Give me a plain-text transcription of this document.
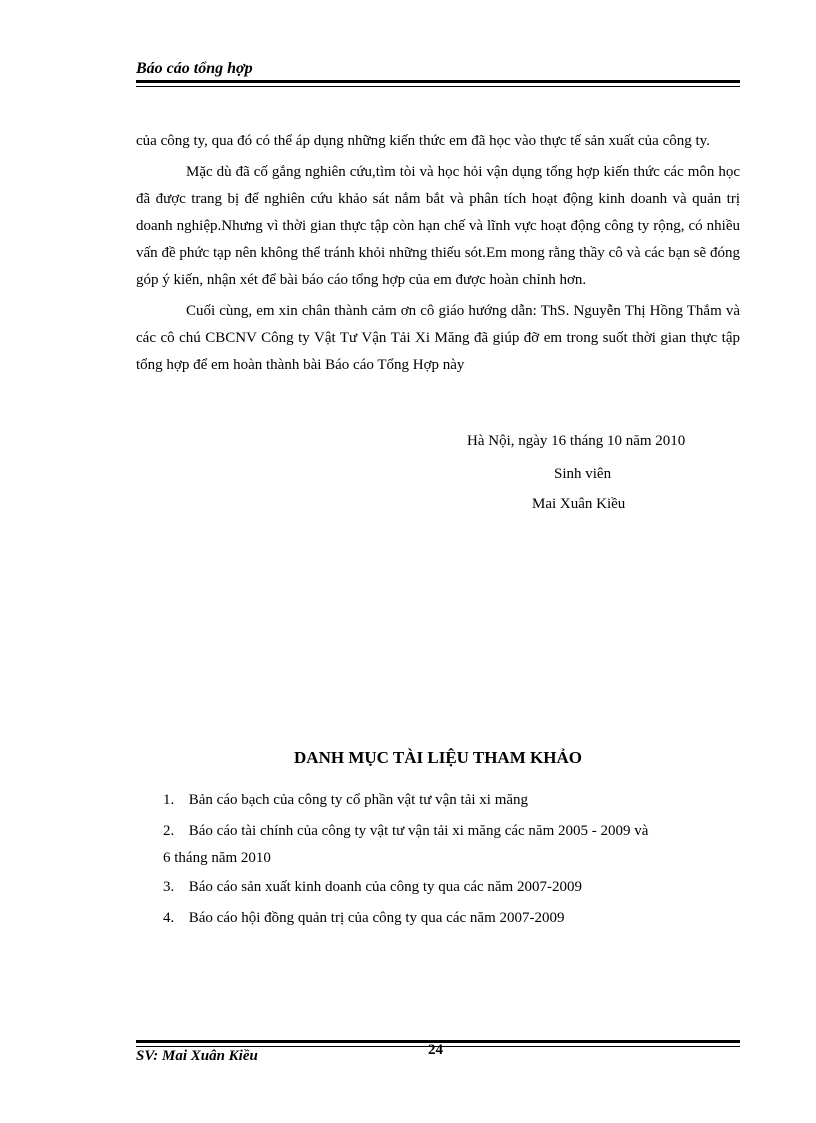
Báo cáo tổng hợp

của công ty, qua đó có thể áp dụng những kiến thức em đã học vào thực tế sản xuất của công ty.

Mặc dù đã cố gắng nghiên cứu,tìm tòi và học hỏi vận dụng tổng hợp kiến thức các môn học đã được trang bị để nghiên cứu khảo sát nắm bắt và phân tích hoạt động kinh doanh và quản trị doanh nghiệp.Nhưng vì thời gian thực tập còn hạn chế và lĩnh vực hoạt động công ty rộng, có nhiều vấn đề phức tạp nên không thể tránh khỏi những thiếu sót.Em mong rằng thầy cô và các bạn sẽ đóng góp ý kiến, nhận xét để bài báo cáo tổng hợp của em được hoàn chỉnh hơn.

Cuối cùng, em xin chân thành cảm ơn cô giáo hướng dẫn: ThS. Nguyễn Thị Hồng Thắm và các cô chú CBCNV Công ty Vật Tư Vận Tải Xi Măng đã giúp đỡ em trong suốt thời gian thực tập tổng hợp để em hoàn thành bài Báo cáo Tổng Hợp này

Hà Nội, ngày 16 tháng 10 năm 2010
Sinh viên
Mai Xuân Kiều
DANH MỤC TÀI LIỆU THAM KHẢO
1. Bản cáo bạch của công ty cổ phần vật tư vận tải xi măng
2. Báo cáo tài chính của công ty vật tư vận tải xi măng các năm 2005 - 2009 và
6 tháng năm 2010
3. Báo cáo sản xuất kinh doanh của công ty qua các năm 2007-2009
4. Báo cáo hội đồng quản trị của công ty qua các năm 2007-2009
SV: Mai Xuân Kiều	24
